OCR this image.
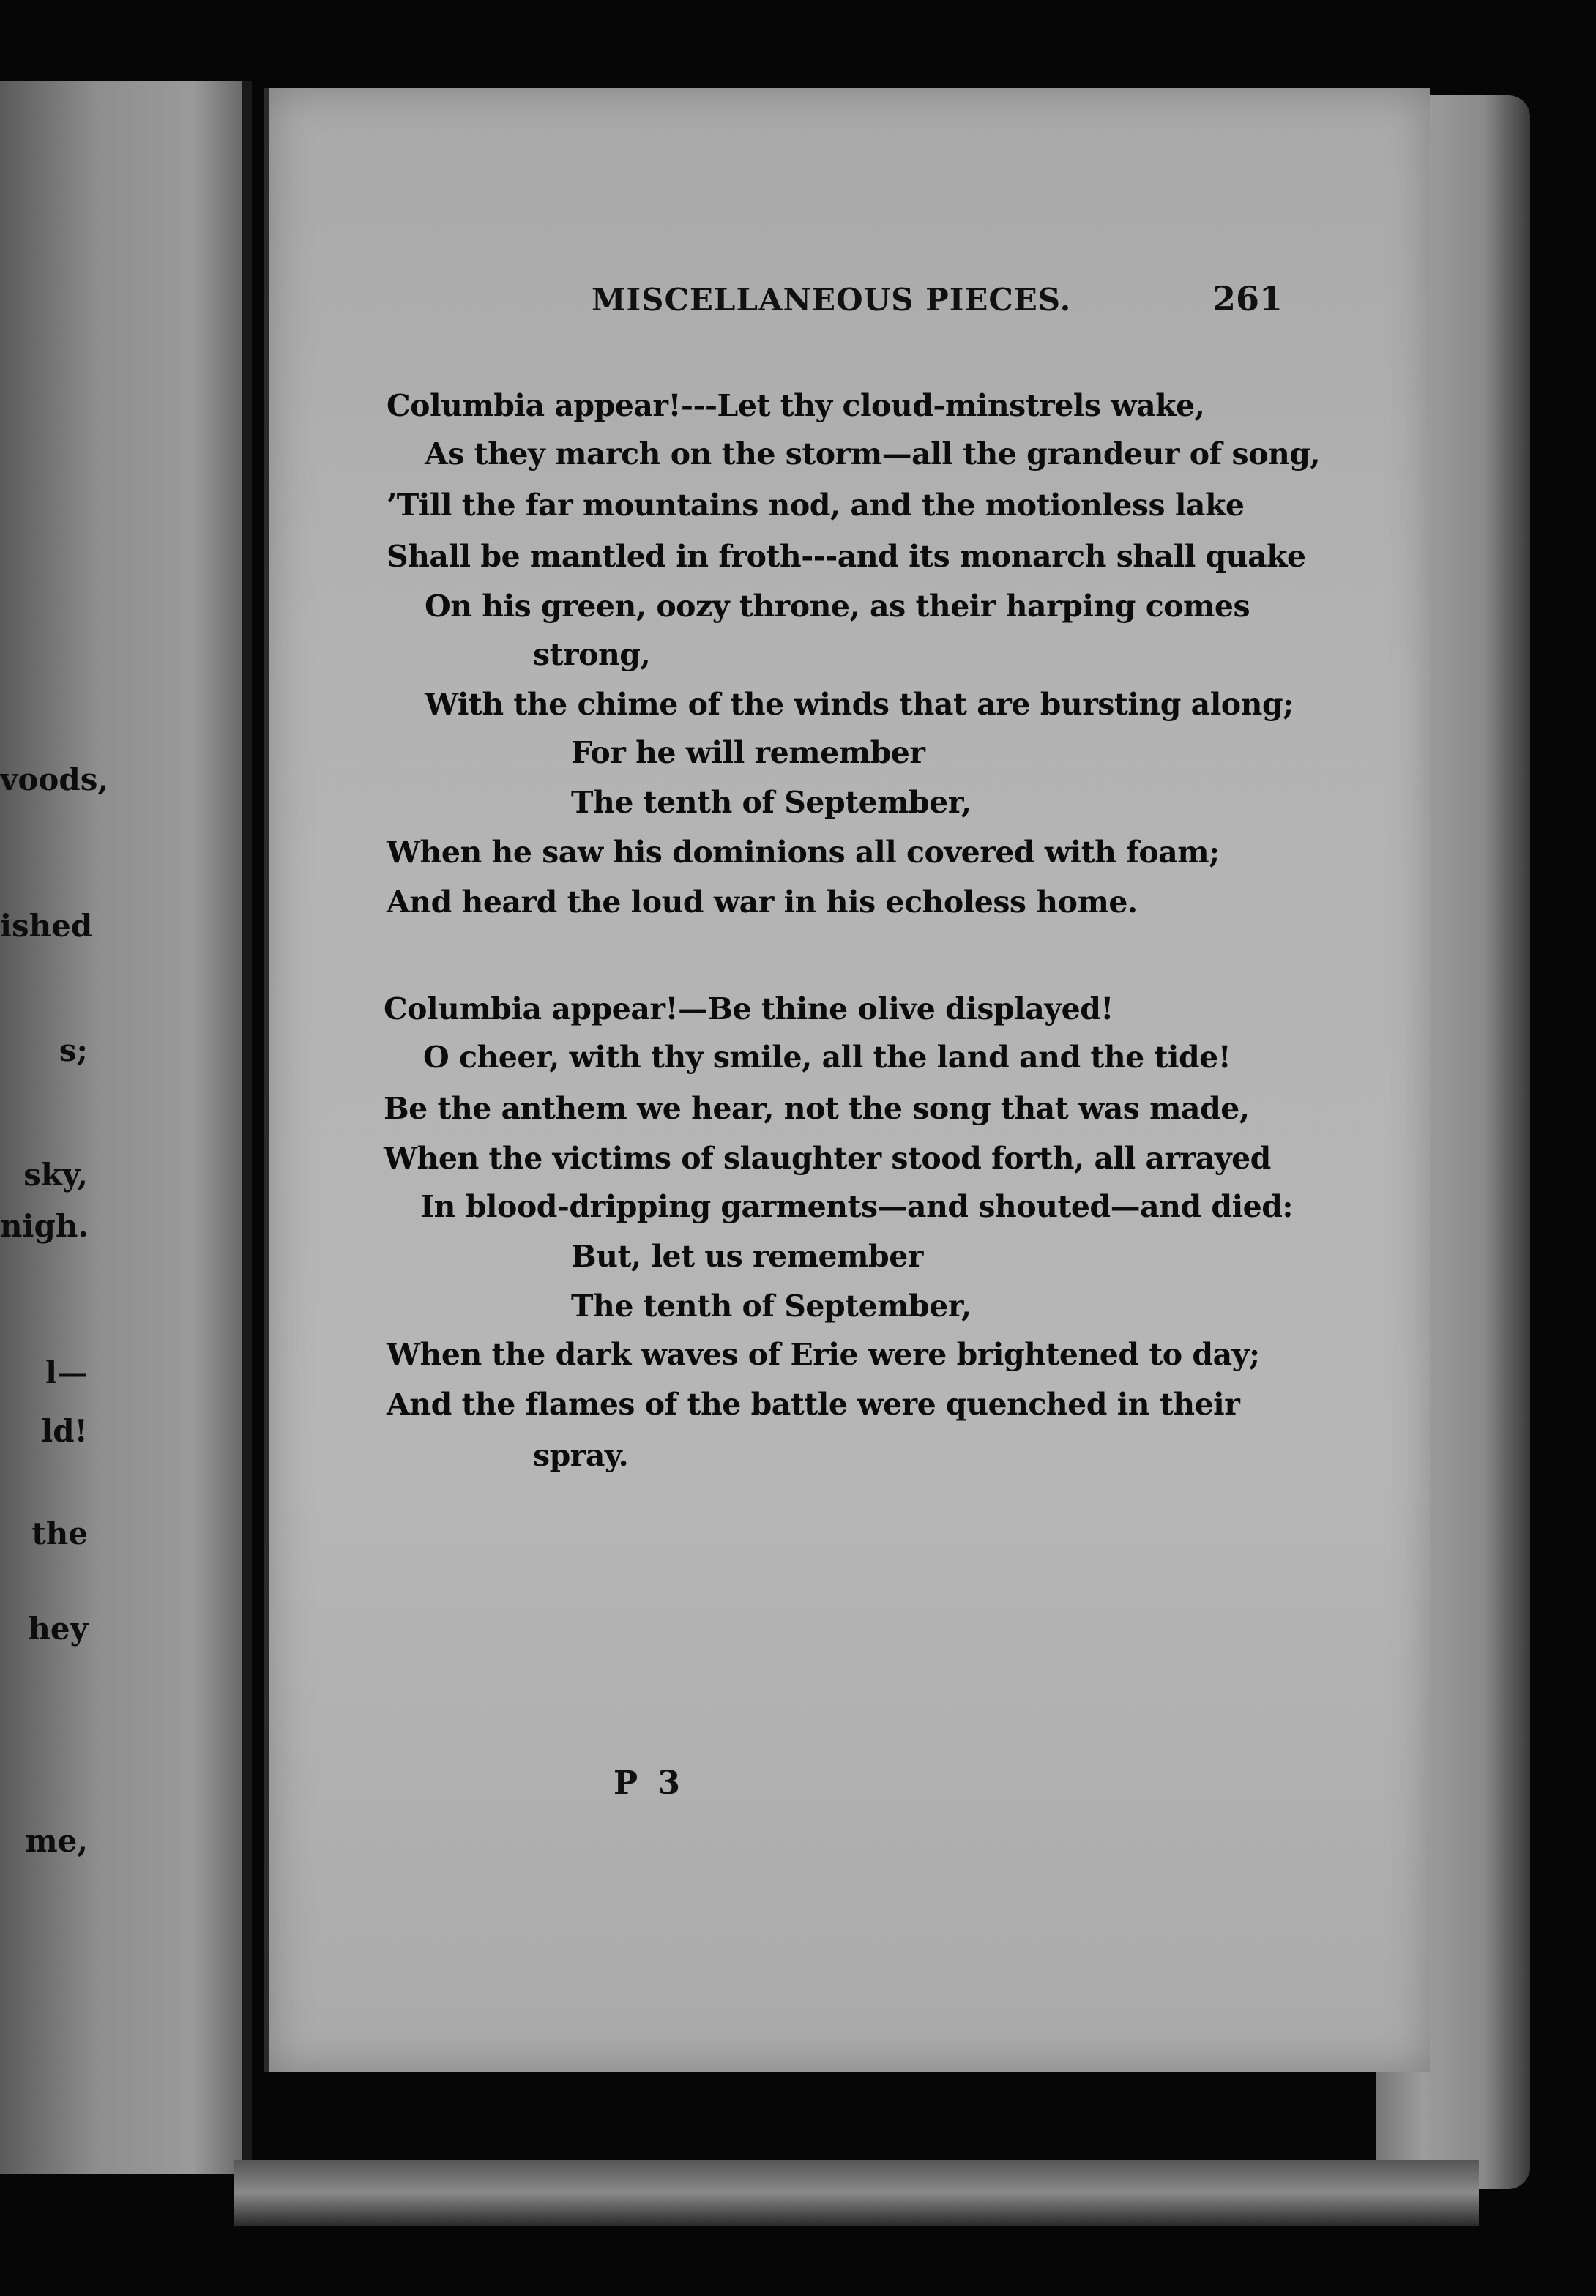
voods,
ished
s;
sky,
nigh.
l—
ld!
the
hey
me,
MISCELLANEOUS PIECES.	261
Columbia appear!---Let thy cloud-minstrels wake,
As they march on the storm—all the grandeur of song,
’Till the far mountains nod, and the motionless lake
Shall be mantled in froth---and its monarch shall quake
On his green, oozy throne, as their harping comes
strong,
With the chime of the winds that are bursting along;
For he will remember
The tenth of September,
When he saw his dominions all covered with foam;
And heard the loud war in his echoless home.
Columbia appear!—Be thine olive displayed!
O cheer, with thy smile, all the land and the tide!
Be the anthem we hear, not the song that was made,
When the victims of slaughter stood forth, all arrayed
In blood-dripping garments—and shouted—and died:
But, let us remember
The tenth of September,
When the dark waves of Erie were brightened to day;
And the flames of the battle were quenched in their
spray.
P 3
